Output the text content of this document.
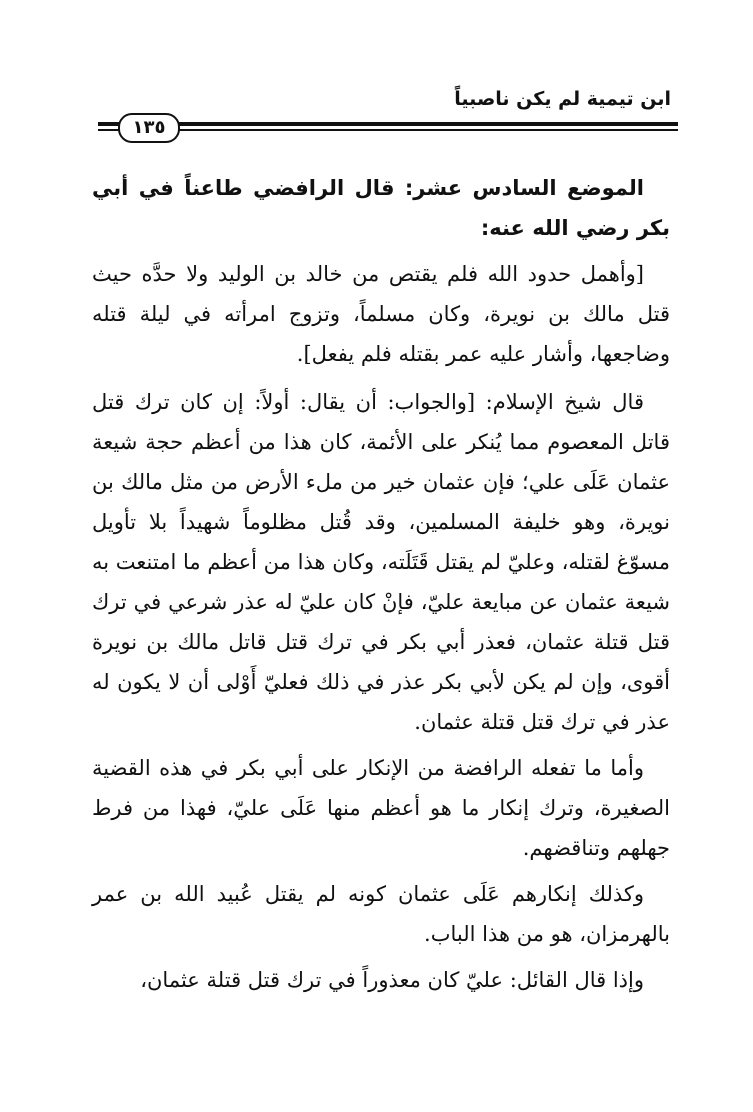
ابن تيمية لم يكن ناصبياً
١٣٥

الموضع السادس عشر: قال الرافضي طاعناً في أبي بكر رضي الله عنه:

[وأهمل حدود الله فلم يقتص من خالد بن الوليد ولا حدَّه حيث قتل مالك بن نويرة، وكان مسلماً، وتزوج امرأته في ليلة قتله وضاجعها، وأشار عليه عمر بقتله فلم يفعل].

قال شيخ الإسلام: [والجواب: أن يقال: أولاً: إن كان ترك قتل قاتل المعصوم مما يُنكر على الأئمة، كان هذا من أعظم حجة شيعة عثمان عَلَى علي؛ فإن عثمان خير من ملء الأرض من مثل مالك بن نويرة، وهو خليفة المسلمين، وقد قُتل مظلوماً شهيداً بلا تأويل مسوّغ لقتله، وعليّ لم يقتل قَتَلَته، وكان هذا من أعظم ما امتنعت به شيعة عثمان عن مبايعة عليّ، فإنْ كان عليّ له عذر شرعي في ترك قتل قتلة عثمان، فعذر أبي بكر في ترك قتل قاتل مالك بن نويرة أقوى، وإن لم يكن لأبي بكر عذر في ذلك فعليّ أَوْلى أن لا يكون له عذر في ترك قتل قتلة عثمان.

وأما ما تفعله الرافضة من الإنكار على أبي بكر في هذه القضية الصغيرة، وترك إنكار ما هو أعظم منها عَلَى عليّ، فهذا من فرط جهلهم وتناقضهم.

وكذلك إنكارهم عَلَى عثمان كونه لم يقتل عُبيد الله بن عمر بالهرمزان، هو من هذا الباب.

وإذا قال القائل: عليّ كان معذوراً في ترك قتل قتلة عثمان،
